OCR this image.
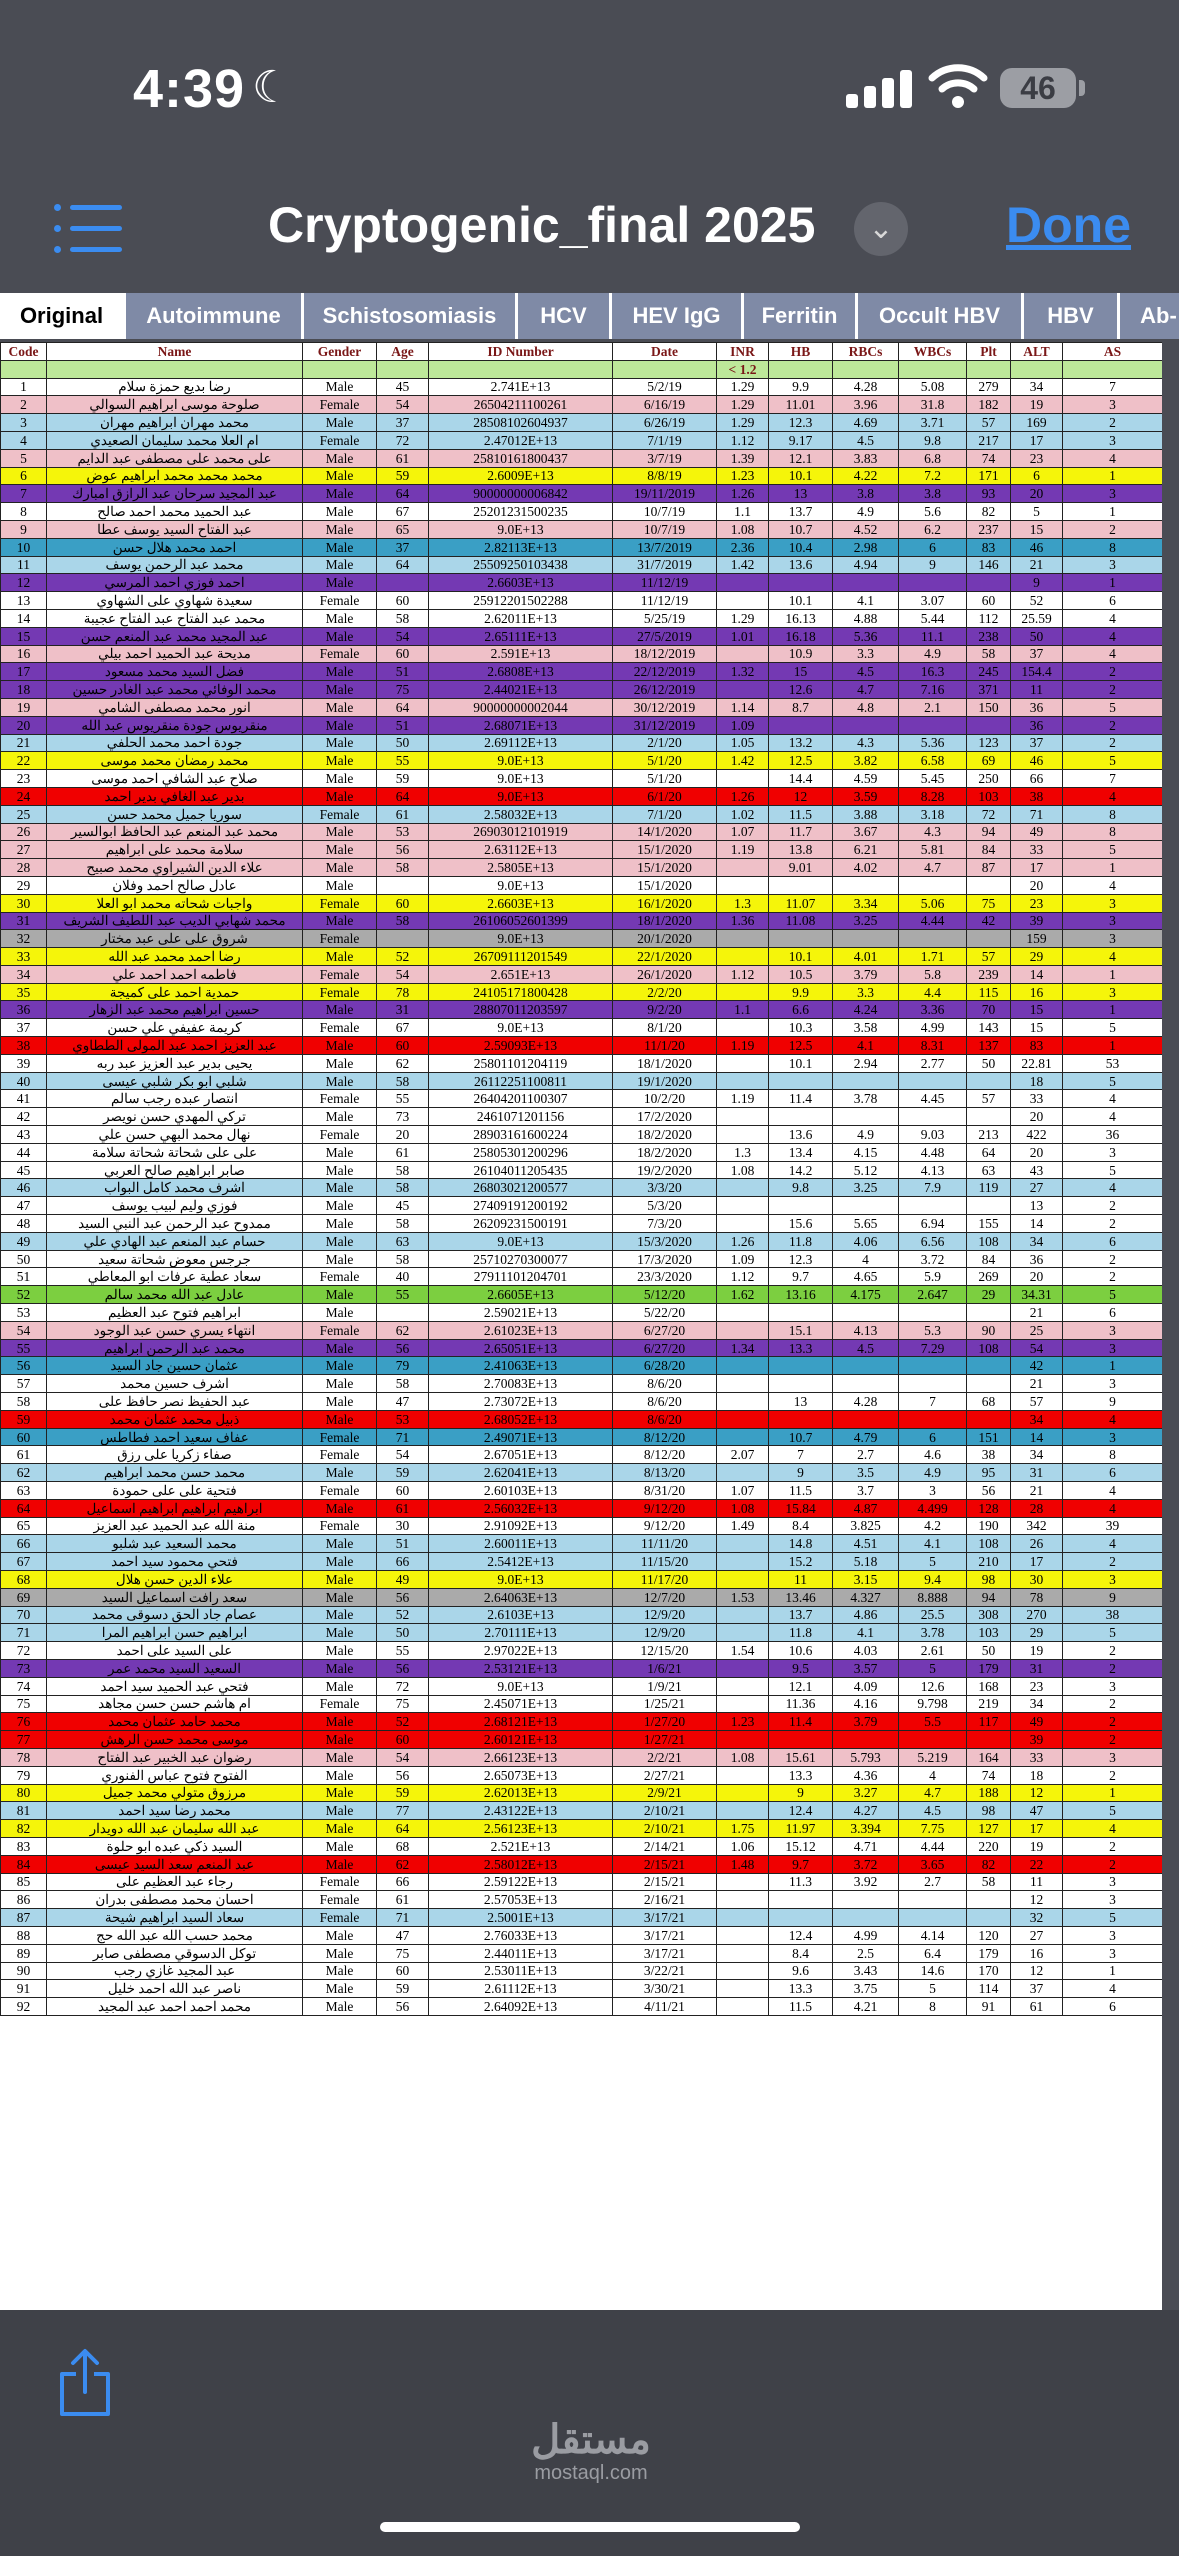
4:39 ☾	46
Cryptogenic_final 2025	⌄ Done
Original	Autoimmune	Schistosomiasis	HCV	HEV IgG	Ferritin	Occult HBV	HBV	Ab-
Code	Name	Gender	Age	ID Number	Date	INR	HB	RBCs	WBCs	Plt	ALT	AS
						< 1.2						
1	رضا بديع حمزة سلام	Male	45	2.741E+13	5/2/19	1.29	9.9	4.28	5.08	279	34	7
2	صلوحة موسى ابراهيم السوالي	Female	54	26504211100261	6/16/19	1.29	11.01	3.96	31.8	182	19	3
3	محمد مهران ابراهيم مهران	Male	37	28508102604937	6/26/19	1.29	12.3	4.69	3.71	57	169	2
4	ام العلا محمد سليمان الصعيدي	Female	72	2.47012E+13	7/1/19	1.12	9.17	4.5	9.8	217	17	3
5	على محمد على مصطفى عبد الدايم	Male	61	25810161800437	3/7/19	1.39	12.1	3.83	6.8	74	23	4
6	محمد محمد محمد ابراهيم عوض	Male	59	2.6009E+13	8/8/19	1.23	10.1	4.22	7.2	171	6	1
7	عبد المجيد سرحان عبد الرازق امبارك	Male	64	90000000006842	19/11/2019	1.26	13	3.8	3.8	93	20	3
8	عبد الحميد محمد احمد صالح	Male	67	25201231500235	10/7/19	1.1	13.7	4.9	5.6	82	5	1
9	عبد الفتاح السيد يوسف عطا	Male	65	9.0E+13	10/7/19	1.08	10.7	4.52	6.2	237	15	2
10	احمد محمد هلال حسن	Male	37	2.82113E+13	13/7/2019	2.36	10.4	2.98	6	83	46	8
11	محمد عبد الرحمن يوسف	Male	64	25509250103438	31/7/2019	1.42	13.6	4.94	9	146	21	3
12	احمد فوزي احمد المرسي	Male		2.6603E+13	11/12/19						9	1
13	سعيدة شهاوي على الشهاوي	Female	60	25912201502288	11/12/19		10.1	4.1	3.07	60	52	6
14	محمد عبد الفتاح عبد الفتاح عجيبة	Male	58	2.62011E+13	5/25/19	1.29	16.13	4.88	5.44	112	25.59	4
15	عبد المجيد محمد عبد المنعم حسن	Male	54	2.65111E+13	27/5/2019	1.01	16.18	5.36	11.1	238	50	4
16	مديحة عبد الحميد احمد بيلي	Female	60	2.591E+13	18/12/2019		10.9	3.3	4.9	58	37	4
17	فضل السيد محمد مسعود	Male	51	2.6808E+13	22/12/2019	1.32	15	4.5	16.3	245	154.4	2
18	محمد الوفائي محمد عبد الغادر حسين	Male	75	2.44021E+13	26/12/2019		12.6	4.7	7.16	371	11	2
19	انور محمد مصطفى الشامي	Male	64	90000000002044	30/12/2019	1.14	8.7	4.8	2.1	150	36	5
20	منقريوس جودة منقريوس عبد الله	Male	51	2.68071E+13	31/12/2019	1.09					36	2
21	جودة احمد محمد الحلفي	Male	50	2.69112E+13	2/1/20	1.05	13.2	4.3	5.36	123	37	2
22	محمد رمضان محمد موسى	Male	55	9.0E+13	5/1/20	1.42	12.5	3.82	6.58	69	46	5
23	صلاح عبد الشافي احمد موسى	Male	59	9.0E+13	5/1/20		14.4	4.59	5.45	250	66	7
24	بدير عبد الغافي بدير احمد	Male	64	9.0E+13	6/1/20	1.26	12	3.59	8.28	103	38	4
25	سوريا جميل محمد حسن	Female	61	2.58032E+13	7/1/20	1.02	11.5	3.88	3.18	72	71	8
26	محمد عبد المنعم عبد الحافظ ابوالسير	Male	53	26903012101919	14/1/2020	1.07	11.7	3.67	4.3	94	49	8
27	سلامة محمد على ابراهيم	Male	56	2.63112E+13	15/1/2020	1.19	13.8	6.21	5.81	84	33	5
28	علاء الدين الشيراوي محمد صبيح	Male	58	2.5805E+13	15/1/2020		9.01	4.02	4.7	87	17	1
29	عادل صالح احمد وفلان	Male		9.0E+13	15/1/2020						20	4
30	واجبات شحاته محمد ابو العلا	Female	60	2.6603E+13	16/1/2020	1.3	11.07	3.34	5.06	75	23	3
31	محمد شهابي الديب عبد اللطيف الشريف	Male	58	26106052601399	18/1/2020	1.36	11.08	3.25	4.44	42	39	3
32	شروق على على عبد مختار	Female		9.0E+13	20/1/2020						159	3
33	رضا احمد محمد عبد الله	Male	52	26709111201549	22/1/2020		10.1	4.01	1.71	57	29	4
34	فاطمه احمد احمد علي	Female	54	2.651E+13	26/1/2020	1.12	10.5	3.79	5.8	239	14	1
35	حمدية احمد على كميجة	Female	78	24105171800428	2/2/20		9.9	3.3	4.4	115	16	3
36	حسين ابراهيم محمد عبد الزهار	Male	31	28807011203597	9/2/20	1.1	6.6	4.24	3.36	70	15	1
37	كريمة عفيفي علي حسن	Female	67	9.0E+13	8/1/20		10.3	3.58	4.99	143	15	5
38	عبد العزيز احمد عبد المولى الططاوي	Male	60	2.59093E+13	11/1/20	1.19	12.5	4.1	8.31	137	83	1
39	يحيى بدير عبد العزيز عبد ربه	Male	62	25801101204119	18/1/2020		10.1	2.94	2.77	50	22.81	53
40	شلبي ابو بكر شلبي عيسى	Male	58	26112251100811	19/1/2020						18	5
41	انتصار عبده رجب سالم	Female	55	26404201100307	10/2/20	1.19	11.4	3.78	4.45	57	33	4
42	تركي المهدي حسن نويصر	Male	73	2461071201156	17/2/2020						20	4
43	نهال محمد البهي حسن علي	Female	20	28903161600224	18/2/2020		13.6	4.9	9.03	213	422	36
44	على على شحاتة شحاتة سلامة	Male	61	25805301200296	18/2/2020	1.3	13.4	4.15	4.48	64	20	3
45	صابر ابراهيم صالح العربي	Male	58	26104011205435	19/2/2020	1.08	14.2	5.12	4.13	63	43	5
46	اشرف محمد كامل البواب	Male	58	26803021200577	3/3/20		9.8	3.25	7.9	119	27	4
47	فوزي وليم لبيب يوسف	Male	45	27409191200192	5/3/20						13	2
48	ممدوح عبد الرحمن عبد النبي السيد	Male	58	26209231500191	7/3/20		15.6	5.65	6.94	155	14	2
49	حسام عبد المنعم عبد الهادي علي	Male	63	9.0E+13	15/3/2020	1.26	11.8	4.06	6.56	108	34	6
50	جرجس معوض شحاتة سعيد	Male	58	25710270300077	17/3/2020	1.09	12.3	4	3.72	84	36	2
51	سعاد عطية عرفات ابو المعاطي	Female	40	27911101204701	23/3/2020	1.12	9.7	4.65	5.9	269	20	2
52	عادل عبد الله محمد سالم	Male	55	2.6605E+13	5/12/20	1.62	13.16	4.175	2.647	29	34.31	5
53	ابراهيم فتوح عبد العظيم	Male		2.59021E+13	5/22/20						21	6
54	انتهاء يسري حسن عبد الوجود	Female	62	2.61023E+13	6/27/20		15.1	4.13	5.3	90	25	3
55	محمد عبد الرحمن ابراهيم	Male	56	2.65051E+13	6/27/20	1.34	13.3	4.5	7.29	108	54	3
56	عثمان حسين جاد السيد	Male	79	2.41063E+13	6/28/20						42	1
57	اشرف حسين محمد	Male	58	2.70083E+13	8/6/20						21	3
58	عبد الحفيظ نصر حافظ على	Male	47	2.73072E+13	8/6/20		13	4.28	7	68	57	9
59	ذبيل محمد عثمان محمد	Male	53	2.68052E+13	8/6/20						34	4
60	عفاف سعيد احمد فطاطس	Female	71	2.49071E+13	8/12/20		10.7	4.79	6	151	14	3
61	صفاء زكريا على رزق	Female	54	2.67051E+13	8/12/20	2.07	7	2.7	4.6	38	34	8
62	محمد حسن محمد ابراهيم	Male	59	2.62041E+13	8/13/20		9	3.5	4.9	95	31	6
63	فتحية على على حمودة	Female	60	2.60103E+13	8/31/20	1.07	11.5	3.7	3	56	21	4
64	ابراهيم ابراهيم ابراهيم اسماعيل	Male	61	2.56032E+13	9/12/20	1.08	15.84	4.87	4.499	128	28	4
65	منة الله عبد الحميد عبد العزيز	Female	30	2.91092E+13	9/12/20	1.49	8.4	3.825	4.2	190	342	39
66	محمد السعيد عبد شلبو	Male	51	2.60011E+13	11/11/20		14.8	4.51	4.1	108	26	4
67	فتحي محمود سيد احمد	Male	66	2.5412E+13	11/15/20		15.2	5.18	5	210	17	2
68	علاء الدين حسن هلال	Male	49	9.0E+13	11/17/20		11	3.15	9.4	98	30	3
69	سعد رافت اسماعيل السيد	Male	56	2.64063E+13	12/7/20	1.53	13.46	4.327	8.888	94	78	9
70	عصام جاد الحق دسوقى محمد	Male	52	2.6103E+13	12/9/20		13.7	4.86	25.5	308	270	38
71	ابراهيم حسن ابراهيم المرا	Male	50	2.70111E+13	12/9/20		11.8	4.1	3.78	103	29	5
72	على السيد على احمد	Male	55	2.97022E+13	12/15/20	1.54	10.6	4.03	2.61	50	19	2
73	السعيد السيد محمد عمر	Male	56	2.53121E+13	1/6/21		9.5	3.57	5	179	31	2
74	فتحي عبد الحميد سيد احمد	Male	72	9.0E+13	1/9/21		12.1	4.09	12.6	168	23	3
75	ام هاشم حسن حسن مجاهد	Female	75	2.45071E+13	1/25/21		11.36	4.16	9.798	219	34	2
76	محمد حامد عثمان محمد	Male	52	2.68121E+13	1/27/20	1.23	11.4	3.79	5.5	117	49	2
77	موسى محمد حسن الرهش	Male	60	2.60121E+13	1/27/21						39	2
78	رضوان عبد الخبير عبد الفتاح	Male	54	2.66123E+13	2/2/21	1.08	15.61	5.793	5.219	164	33	3
79	الفتوح فتوح عباس الفنوري	Male	56	2.65073E+13	2/27/21		13.3	4.36	4	74	18	2
80	مرزوق متولي محمد جميل	Male	59	2.62013E+13	2/9/21		9	3.27	4.7	188	12	1
81	محمد رضا سيد احمد	Male	77	2.43122E+13	2/10/21		12.4	4.27	4.5	98	47	5
82	عبد الله سليمان عبد الله دويدار	Male	64	2.56123E+13	2/10/21	1.75	11.97	3.394	7.75	127	17	4
83	السيد ذكي عبده ابو حلوة	Male	68	2.521E+13	2/14/21	1.06	15.12	4.71	4.44	220	19	2
84	عبد المنعم سعد السيد عيسى	Male	62	2.58012E+13	2/15/21	1.48	9.7	3.72	3.65	82	22	2
85	رجاء عبد العظيم على	Female	66	2.59122E+13	2/15/21		11.3	3.92	2.7	58	11	3
86	احسان محمد مصطفى بدران	Female	61	2.57053E+13	2/16/21						12	3
87	سعاد السيد ابراهيم شيحة	Female	71	2.5001E+13	3/17/21						32	5
88	محمد حسب الله عبد الله حج	Male	47	2.76033E+13	3/17/21		12.4	4.99	4.14	120	27	3
89	توكل الدسوقي مصطفى صابر	Male	75	2.44011E+13	3/17/21		8.4	2.5	6.4	179	16	3
90	عبد المجيد غازي رجب	Male	60	2.53011E+13	3/22/21		9.6	3.43	14.6	170	12	1
91	ناصر عبد الله احمد خليل	Male	59	2.61112E+13	3/30/21		13.3	3.75	5	114	37	4
92	محمد احمد احمد عبد المجيد	Male	56	2.64092E+13	4/11/21		11.5	4.21	8	91	61	6
مستقل
mostaql.com
